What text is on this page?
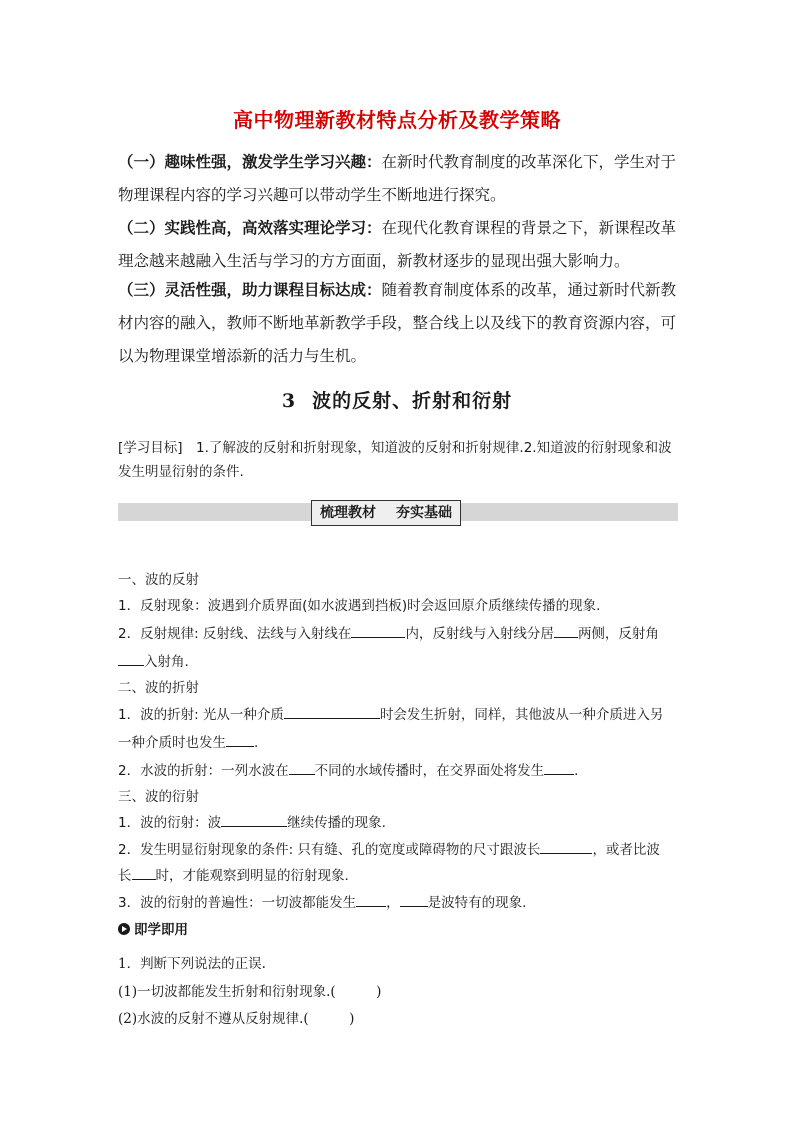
高中物理新教材特点分析及教学策略

（一）趣味性强，激发学生学习兴趣：在新时代教育制度的改革深化下，学生对于物理课程内容的学习兴趣可以带动学生不断地进行探究。

（二）实践性高，高效落实理论学习：在现代化教育课程的背景之下，新课程改革理念越来越融入生活与学习的方方面面，新教材逐步的显现出强大影响力。

（三）灵活性强，助力课程目标达成：随着教育制度体系的改革，通过新时代新教材内容的融入，教师不断地革新教学手段，整合线上以及线下的教育资源内容，可以为物理课堂增添新的活力与生机。

3 波的反射、折射和衍射
[学习目标]　1.了解波的反射和折射现象，知道波的反射和折射规律.2.知道波的衍射现象和波
发生明显衍射的条件.
梳理教材 夯实基础
一、波的反射
1．反射现象：波遇到介质界面(如水波遇到挡板)时会返回原介质继续传播的现象.
2．反射规律: 反射线、法线与入射线在	内，反射线与入射线分居 两侧，反射角
入射角.
二、波的折射
1．波的折射: 光从一种介质	时会发生折射，同样，其他波从一种介质进入另
一种介质时也发生 .
2．水波的折射：一列水波在 不同的水域传播时，在交界面处将发生 .
三、波的衍射
1．波的衍射：波	继续传播的现象.
2．发生明显衍射现象的条件: 只有缝、孔的宽度或障碍物的尺寸跟波长	，或者比波
长 时，才能观察到明显的衍射现象.
3．波的衍射的普遍性：一切波都能发生 ， 是波特有的现象.
即学即用
1．判断下列说法的正误.
(1)一切波都能发生折射和衍射现象.(　　　)
(2)水波的反射不遵从反射规律.(　　　)
